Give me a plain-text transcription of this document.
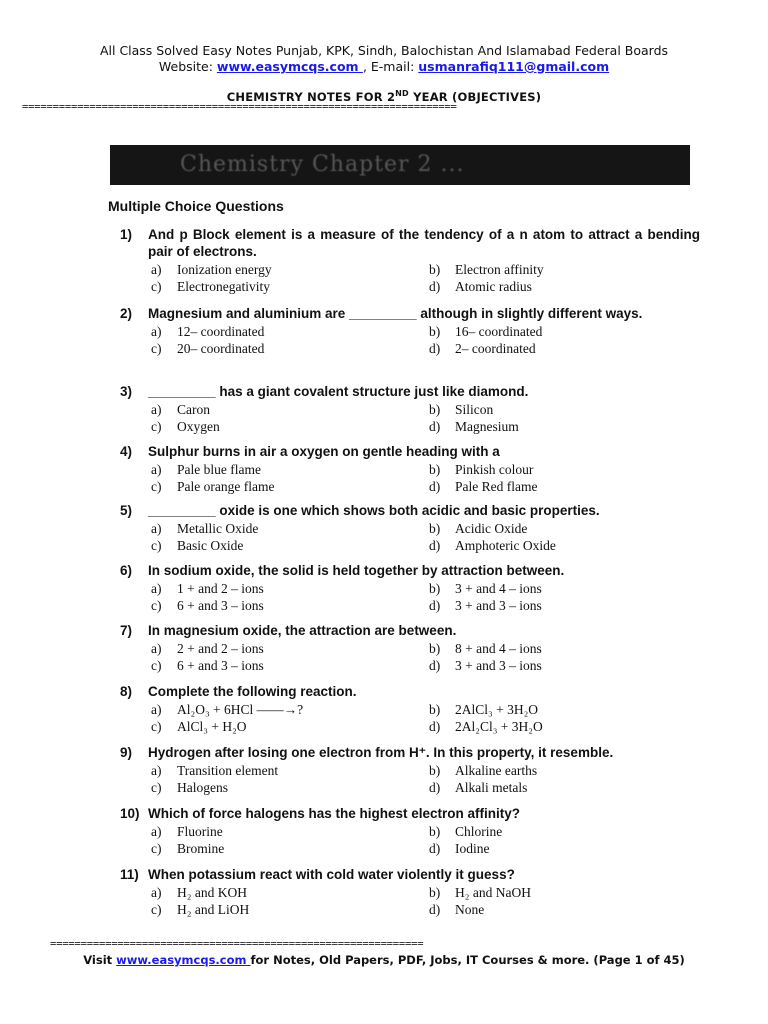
All Class Solved Easy Notes Punjab, KPK, Sindh, Balochistan And Islamabad Federal Boards
Website: www.easymcqs.com , E-mail: usmanrafiq111@gmail.com
CHEMISTRY NOTES FOR 2ND YEAR (OBJECTIVES)
=======================================================================
Chemistry Chapter 2 ...
Multiple Choice Questions
1)	And p Block element is a measure of the tendency of a n atom to attract a bending pair of electrons.
a)	Ionization energy	b)	Electron affinity
c)	Electronegativity	d)	Atomic radius
2)	Magnesium and aluminium are _________ although in slightly different ways.
a)	12– coordinated	b)	16– coordinated
c)	20– coordinated	d)	2– coordinated
3)	_________ has a giant covalent structure just like diamond.
a)	Caron	b)	Silicon
c)	Oxygen	d)	Magnesium
4)	Sulphur burns in air a oxygen on gentle heading with a
a)	Pale blue flame	b)	Pinkish colour
c)	Pale orange flame	d)	Pale Red flame
5)	_________ oxide is one which shows both acidic and basic properties.
a)	Metallic Oxide	b)	Acidic Oxide
c)	Basic Oxide	d)	Amphoteric Oxide
6)	In sodium oxide, the solid is held together by attraction between.
a)	1 + and 2 – ions	b)	3 + and 4 – ions
c)	6 + and 3 – ions	d)	3 + and 3 – ions
7)	In magnesium oxide, the attraction are between.
a)	2 + and 2 – ions	b)	8 + and 4 – ions
c)	6 + and 3 – ions	d)	3 + and 3 – ions
8)	Complete the following reaction.
a)	Al₂O₃ + 6HCl ——→?	b)	2AlCl₃ + 3H₂O
c)	AlCl₃ + H₂O	d)	2Al₂Cl₃ + 3H₂O
9)	Hydrogen after losing one electron from H⁺. In this property, it resemble.
a)	Transition element	b)	Alkaline earths
c)	Halogens	d)	Alkali metals
10) Which of force halogens has the highest electron affinity?
a)	Fluorine	b)	Chlorine
c)	Bromine	d)	Iodine
11) When potassium react with cold water violently it guess?
a)	H₂ and KOH	b)	H₂ and NaOH
c)	H₂ and LiOH	d)	None
=============================================================
Visit www.easymcqs.com for Notes, Old Papers, PDF, Jobs, IT Courses & more. (Page 1 of 45)
